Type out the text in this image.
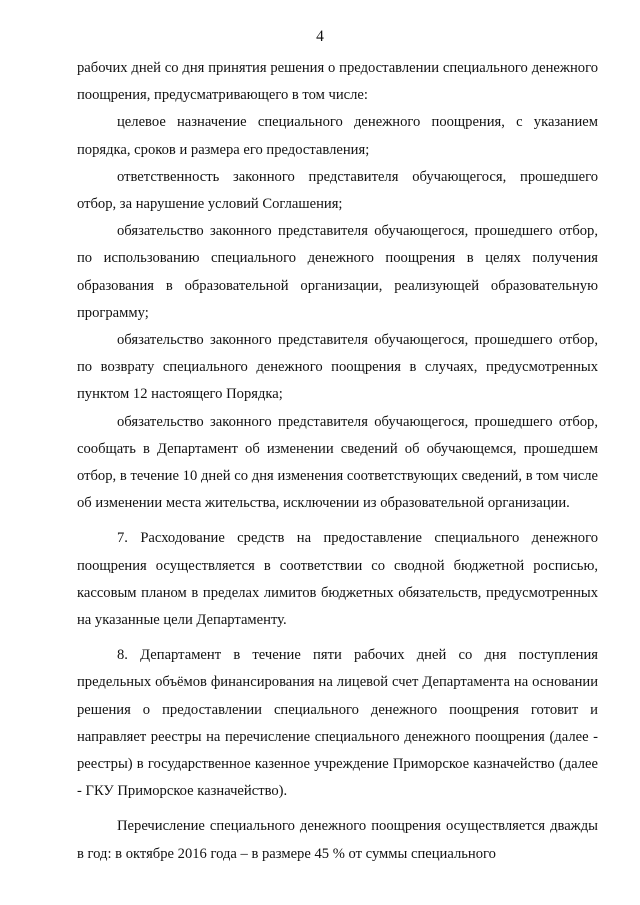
4

рабочих дней со дня принятия решения о предоставлении специального денежного поощрения, предусматривающего в том числе:

целевое назначение специального денежного поощрения, с указанием порядка, сроков и размера его предоставления;

ответственность законного представителя обучающегося, прошедшего отбор, за нарушение условий Соглашения;

обязательство законного представителя обучающегося, прошедшего отбор, по использованию специального денежного поощрения в целях получения образования в образовательной организации, реализующей образовательную программу;

обязательство законного представителя обучающегося, прошедшего отбор, по возврату специального денежного поощрения в случаях, предусмотренных пунктом 12 настоящего Порядка;

обязательство законного представителя обучающегося, прошедшего отбор, сообщать в Департамент об изменении сведений об обучающемся, прошедшем отбор, в течение 10 дней со дня изменения соответствующих сведений, в том числе об изменении места жительства, исключении из образовательной организации.

7. Расходование средств на предоставление специального денежного поощрения осуществляется в соответствии со сводной бюджетной росписью, кассовым планом в пределах лимитов бюджетных обязательств, предусмотренных на указанные цели Департаменту.

8. Департамент в течение пяти рабочих дней со дня поступления предельных объёмов финансирования на лицевой счет Департамента на основании решения о предоставлении специального денежного поощрения готовит и направляет реестры на перечисление специального денежного поощрения (далее - реестры) в государственное казенное учреждение Приморское казначейство (далее - ГКУ Приморское казначейство).

Перечисление специального денежного поощрения осуществляется дважды в год: в октябре 2016 года – в размере 45 % от суммы специального
